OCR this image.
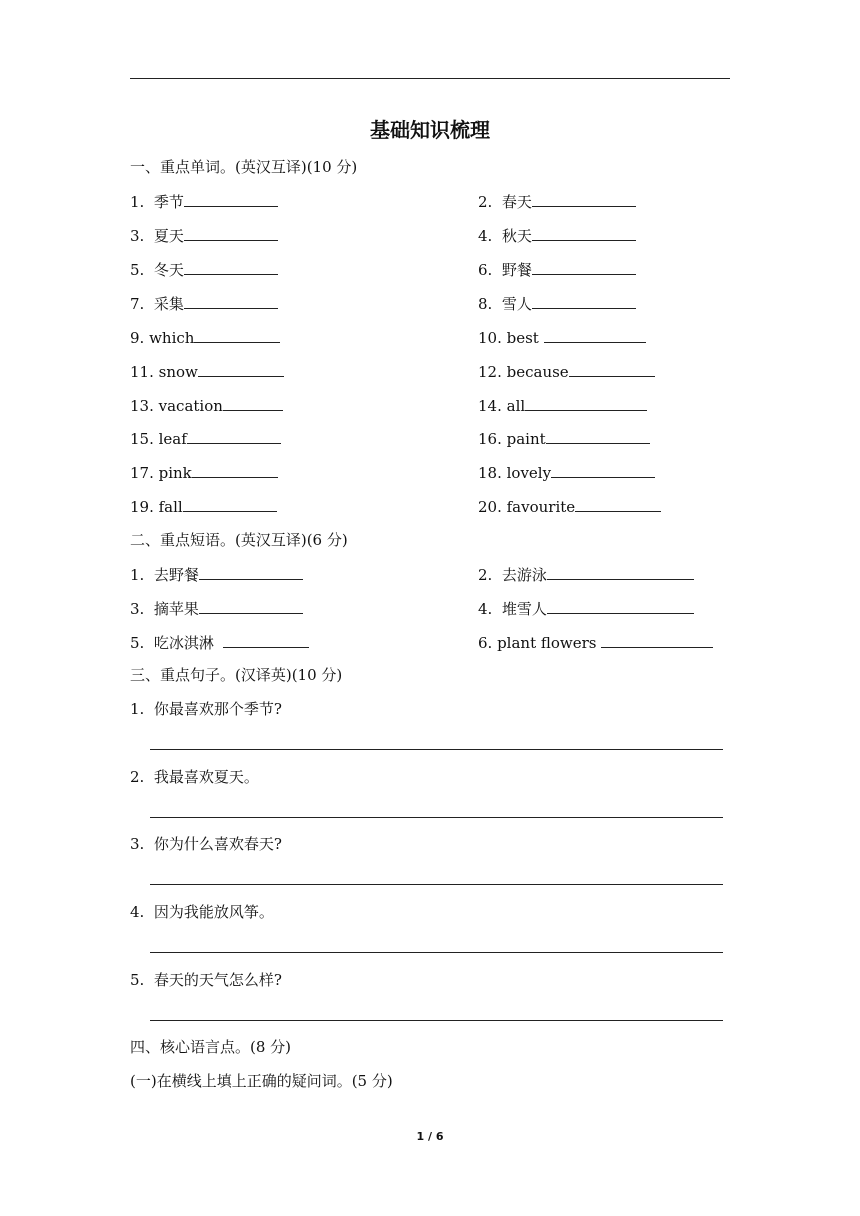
基础知识梳理
一、重点单词。(英汉互译)(10 分)
1.  季节	2.  春天
3.  夏天	4.  秋天
5.  冬天	6.  野餐
7.  采集	8.  雪人
9. which	10. best
11. snow	12. because
13. vacation	14. all
15. leaf	16. paint
17. pink	18. lovely
19. fall	20. favourite
二、重点短语。(英汉互译)(6 分)
1.  去野餐	2.  去游泳
3.  摘苹果	4.  堆雪人
5.  吃冰淇淋	6. plant flowers
三、重点句子。(汉译英)(10 分)
1.  你最喜欢那个季节?
2.  我最喜欢夏天。
3.  你为什么喜欢春天?
4.  因为我能放风筝。
5.  春天的天气怎么样?
四、核心语言点。(8 分)
(一)在横线上填上正确的疑问词。(5 分)
1 / 6
